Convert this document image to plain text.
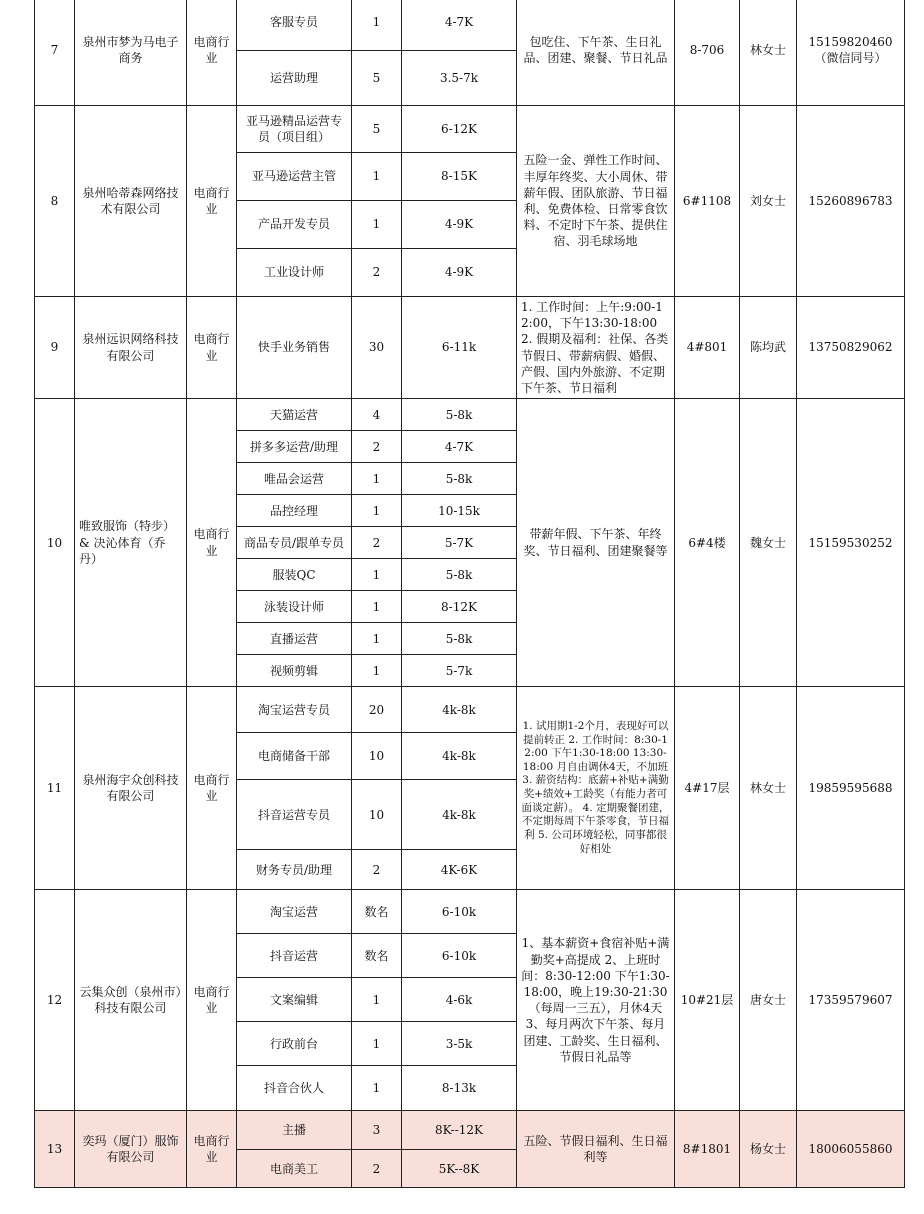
7	泉州市梦为马电子商务	电商行业	客服专员	1	4-7K	包吃住、下午茶、生日礼品、团建、聚餐、节日礼品	8-706	林女士	15159820460（微信同号）
			运营助理	5	3.5-7k				
8	泉州哈蒂森网络技术有限公司	电商行业	亚马逊精品运营专员（项目组）	5	6-12K	五险一金、弹性工作时间、丰厚年终奖、大小周休、带薪年假、团队旅游、节日福利、免费体检、日常零食饮料、不定时下午茶、提供住宿、羽毛球场地	6#1108	刘女士	15260896783
			亚马逊运营主管	1	8-15K				
			产品开发专员	1	4-9K				
			工业设计师	2	4-9K				
9	泉州远识网络科技有限公司	电商行业	快手业务销售	30	6-11k	1. 工作时间：上午:9:00-12:00，下午13:30-18:00 2. 假期及福利：社保、各类节假日、带薪病假、婚假、产假、国内外旅游、不定期下午茶、节日福利	4#801	陈均武	13750829062
10	唯致服饰（特步）& 决沁体育（乔丹）	电商行业	天猫运营	4	5-8k	带薪年假、下午茶、年终奖、节日福利、团建聚餐等	6#4楼	魏女士	15159530252
			拼多多运营/助理	2	4-7K				
			唯品会运营	1	5-8k				
			品控经理	1	10-15k				
			商品专员/跟单专员	2	5-7K				
			服装QC	1	5-8k				
			泳装设计师	1	8-12K				
			直播运营	1	5-8k				
			视频剪辑	1	5-7k				
11	泉州海宇众创科技有限公司	电商行业	淘宝运营专员	20	4k-8k	1. 试用期1-2个月，表现好可以提前转正 2. 工作时间：8:30-12:00 下午1:30-18:00 13:30-18:00 月自由调休4天，不加班 3. 薪资结构：底薪+补贴+满勤奖+绩效+工龄奖（有能力者可面谈定薪）。 4. 定期聚餐团建，不定期每周下午茶零食，节日福利 5. 公司环境轻松，同事都很好相处	4#17层	林女士	19859595688
			电商储备干部	10	4k-8k				
			抖音运营专员	10	4k-8k				
			财务专员/助理	2	4K-6K				
12	云集众创（泉州市）科技有限公司	电商行业	淘宝运营	数名	6-10k	1、基本薪资+食宿补贴+满勤奖+高提成 2、上班时间：8:30-12:00 下午1:30-18:00，晚上19:30-21:30（每周一三五），月休4天 3、每月两次下午茶、每月团建、工龄奖、生日福利、节假日礼品等	10#21层	唐女士	17359579607
			抖音运营	数名	6-10k				
			文案编辑	1	4-6k				
			行政前台	1	3-5k				
			抖音合伙人	1	8-13k				
13	奕玛（厦门）服饰有限公司	电商行业	主播	3	8K--12K	五险、节假日福利、生日福利等	8#1801	杨女士	18006055860
			电商美工	2	5K--8K				
